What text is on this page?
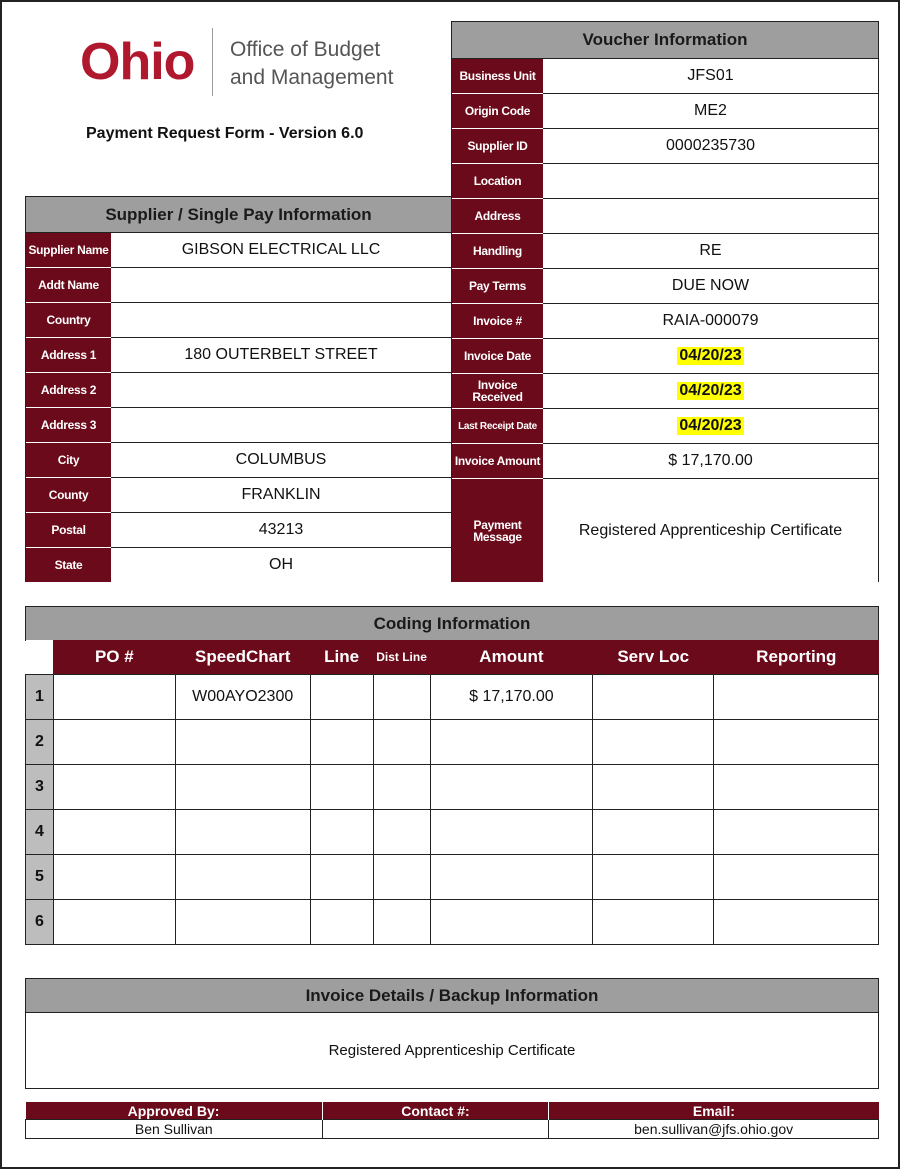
Ohio Office of Budget
and Management
Payment Request Form - Version 6.0
Voucher Information
Business Unit	JFS01
Origin Code	ME2
Supplier ID	0000235730
Location
Address
Handling	RE
Pay Terms	DUE NOW
Invoice #	RAIA-000079
Invoice Date	04/20/23
Invoice Received	04/20/23
Last Receipt Date	04/20/23
Invoice Amount	$ 17,170.00
Payment Message	Registered Apprenticeship Certificate
Supplier / Single Pay Information
Supplier Name	GIBSON ELECTRICAL LLC
Addt Name
Country
Address 1	180 OUTERBELT STREET
Address 2
Address 3
City	COLUMBUS
County	FRANKLIN
Postal	43213
State	OH
Coding Information
	PO #	SpeedChart	Line	Dist Line	Amount	Serv Loc	Reporting
1		W00AYO2300			$ 17,170.00		
2							
3							
4							
5							
6							
Invoice Details / Backup Information
Registered Apprenticeship Certificate
Approved By:	Contact #:	Email:
Ben Sullivan		ben.sullivan@jfs.ohio.gov
